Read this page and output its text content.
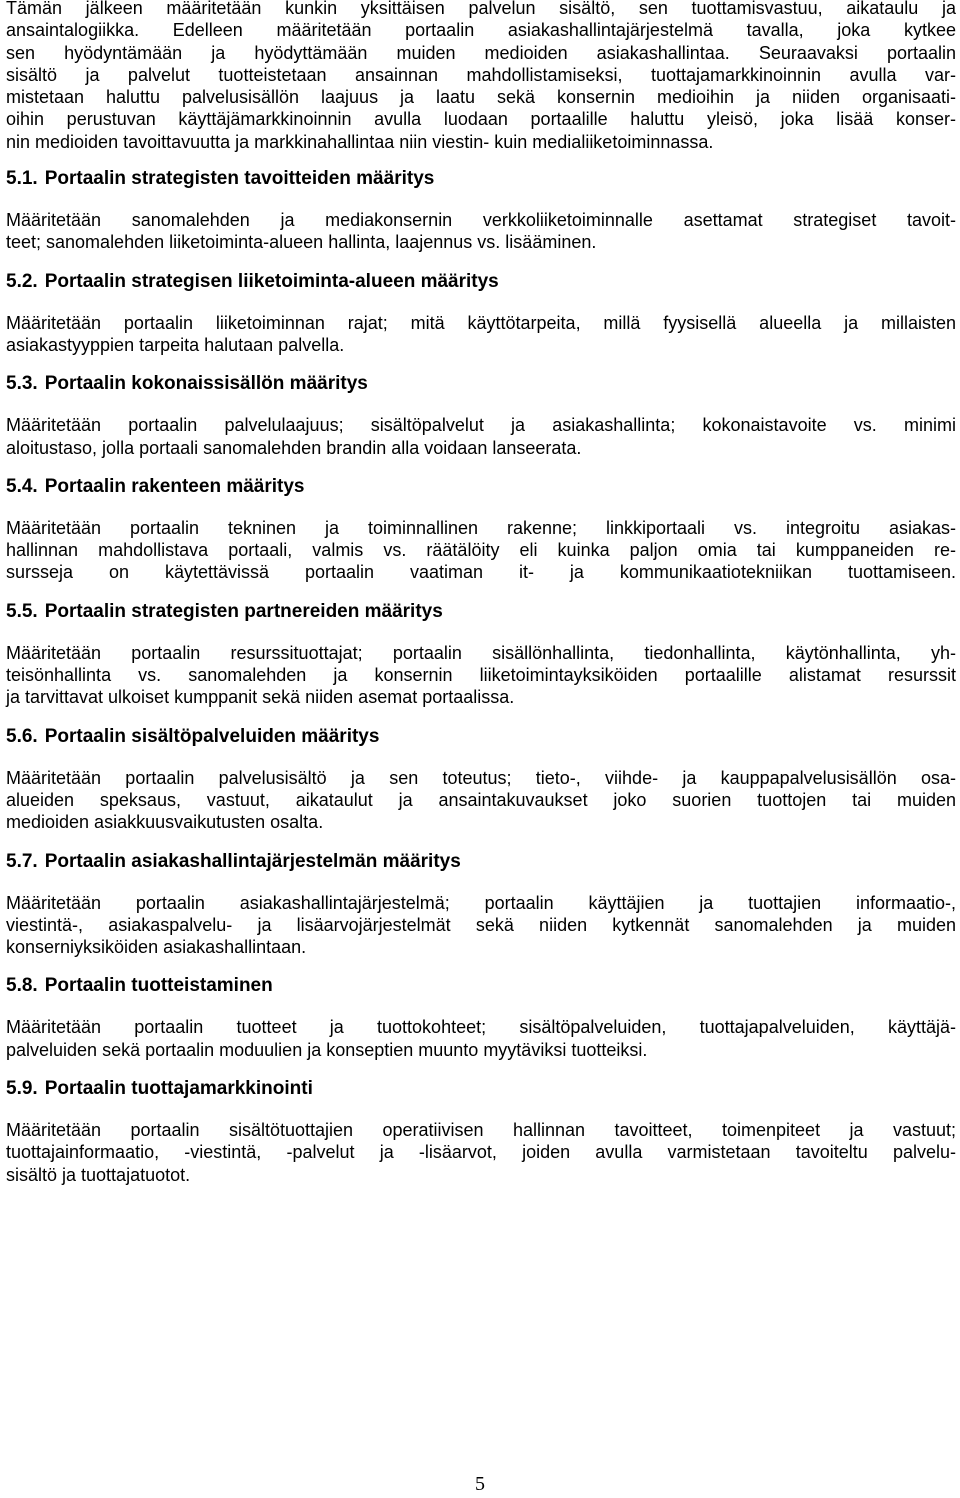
Tämän jälkeen määritetään kunkin yksittäisen palvelun sisältö, sen tuottamisvastuu, aikataulu ja
ansaintalogiikka. Edelleen määritetään portaalin asiakashallintajärjestelmä tavalla, joka kytkee
sen hyödyntämään ja hyödyttämään muiden medioiden asiakashallintaa. Seuraavaksi portaalin
sisältö ja palvelut tuotteistetaan ansainnan mahdollistamiseksi, tuottajamarkkinoinnin avulla var-
mistetaan haluttu palvelusisällön laajuus ja laatu sekä konsernin medioihin ja niiden organisaati-
oihin perustuvan käyttäjämarkkinoinnin avulla luodaan portaalille haluttu yleisö, joka lisää konser-
nin medioiden tavoittavuutta ja markkinahallintaa niin viestin- kuin medialiiketoiminnassa.
5.1. Portaalin strategisten tavoitteiden määritys
Määritetään sanomalehden ja mediakonsernin verkkoliiketoiminnalle asettamat strategiset tavoit-
teet; sanomalehden liiketoiminta-alueen hallinta, laajennus vs. lisääminen.
5.2. Portaalin strategisen liiketoiminta-alueen määritys
Määritetään portaalin liiketoiminnan rajat; mitä käyttötarpeita, millä fyysisellä alueella ja millaisten
asiakastyyppien tarpeita halutaan palvella.
5.3. Portaalin kokonaissisällön määritys
Määritetään portaalin palvelulaajuus; sisältöpalvelut ja asiakashallinta; kokonaistavoite vs. minimi
aloitustaso, jolla portaali sanomalehden brandin alla voidaan lanseerata.
5.4. Portaalin rakenteen määritys
Määritetään portaalin tekninen ja toiminnallinen rakenne; linkkiportaali vs. integroitu asiakas-
hallinnan mahdollistava portaali, valmis vs. räätälöity eli kuinka paljon omia tai kumppaneiden re-
sursseja on käytettävissä portaalin vaatiman it- ja kommunikaatiotekniikan tuottamiseen.
5.5. Portaalin strategisten partnereiden määritys
Määritetään portaalin resurssituottajat; portaalin sisällönhallinta, tiedonhallinta, käytönhallinta, yh-
teisönhallinta vs. sanomalehden ja konsernin liiketoimintayksiköiden portaalille alistamat resurssit
ja tarvittavat ulkoiset kumppanit sekä niiden asemat portaalissa.
5.6. Portaalin sisältöpalveluiden määritys
Määritetään portaalin palvelusisältö ja sen toteutus; tieto-, viihde- ja kauppapalvelusisällön osa-
alueiden speksaus, vastuut, aikataulut ja ansaintakuvaukset joko suorien tuottojen tai muiden
medioiden asiakkuusvaikutusten osalta.
5.7. Portaalin asiakashallintajärjestelmän määritys
Määritetään portaalin asiakashallintajärjestelmä; portaalin käyttäjien ja tuottajien informaatio-,
viestintä-, asiakaspalvelu- ja lisäarvojärjestelmät sekä niiden kytkennät sanomalehden ja muiden
konserniyksiköiden asiakashallintaan.
5.8. Portaalin tuotteistaminen
Määritetään portaalin tuotteet ja tuottokohteet; sisältöpalveluiden, tuottajapalveluiden, käyttäjä-
palveluiden sekä portaalin moduulien ja konseptien muunto myytäviksi tuotteiksi.
5.9. Portaalin tuottajamarkkinointi
Määritetään portaalin sisältötuottajien operatiivisen hallinnan tavoitteet, toimenpiteet ja vastuut;
tuottajainformaatio, -viestintä, -palvelut ja -lisäarvot, joiden avulla varmistetaan tavoiteltu palvelu-
sisältö ja tuottajatuotot.
5
